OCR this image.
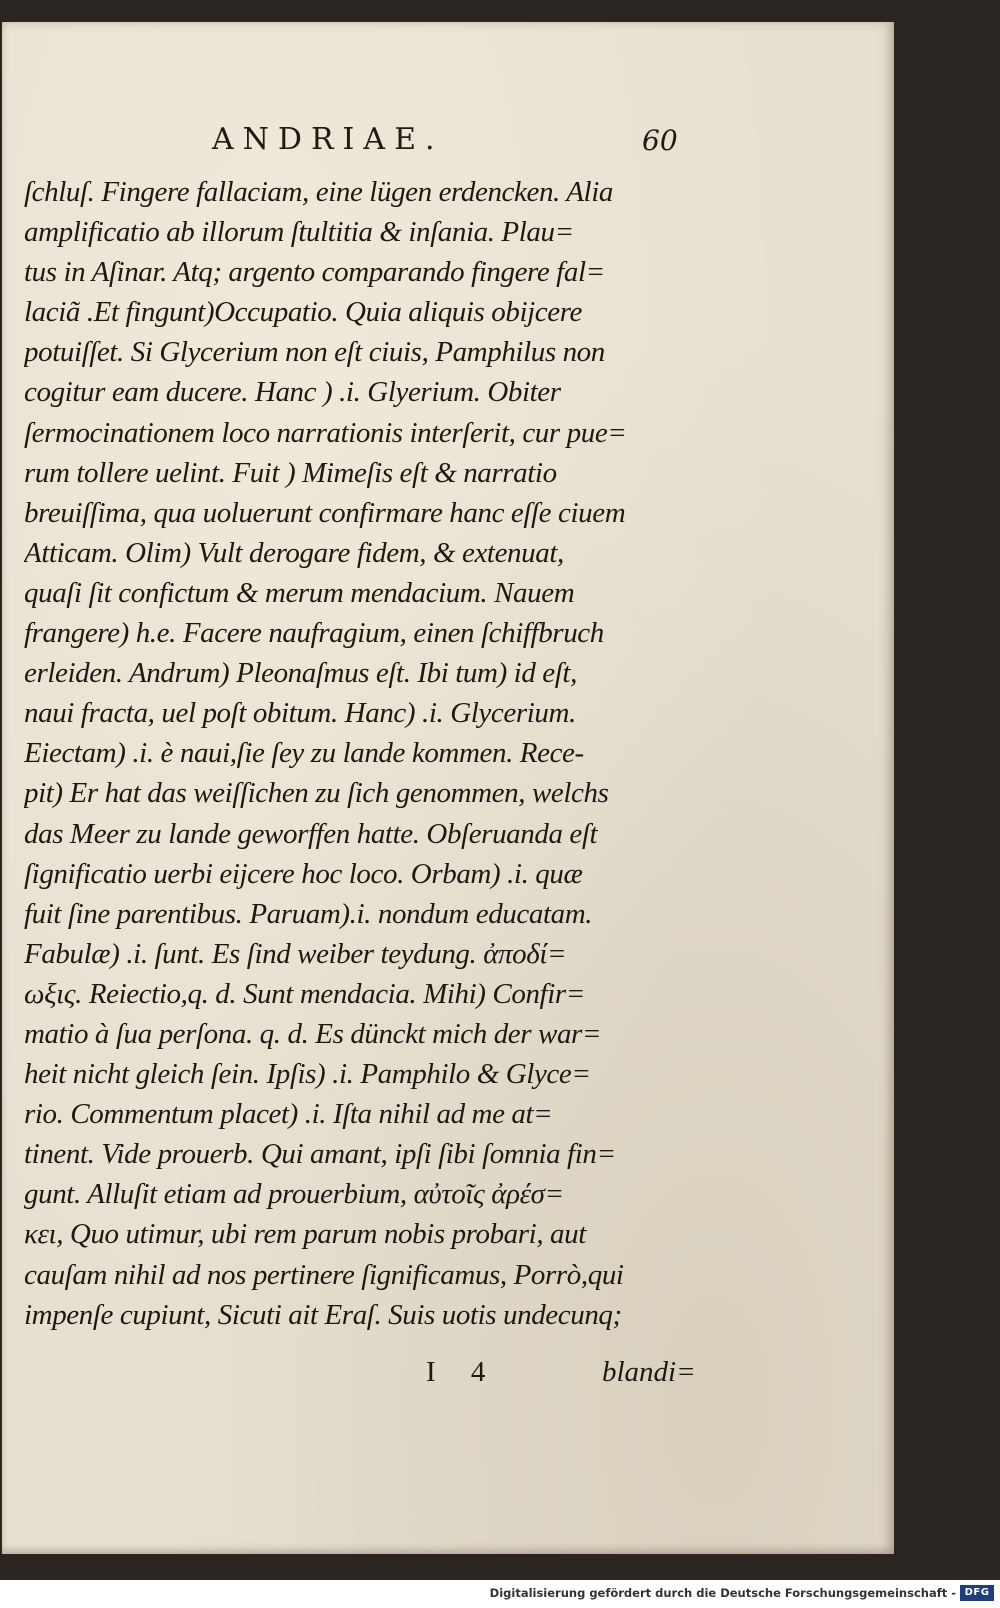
ANDRIAE.	60
ſchluſ. Fingere fallaciam, eine lügen erdencken. Alia
amplificatio ab illorum ſtultitia & inſania. Plau=
tus in Aſinar. Atq; argento comparando fingere fal=
laciã .Et fingunt)Occupatio. Quia aliquis obijcere
potuiſſet. Si Glycerium non eſt ciuis, Pamphilus non
cogitur eam ducere. Hanc ) .i. Glyerium. Obiter
ſermocinationem loco narrationis interſerit, cur pue=
rum tollere uelint. Fuit ) Mimeſis eſt & narratio
breuiſſima, qua uoluerunt confirmare hanc eſſe ciuem
Atticam. Olim) Vult derogare fidem, & extenuat,
quaſi ſit confictum & merum mendacium. Nauem
frangere) h.e. Facere naufragium, einen ſchiffbruch
erleiden. Andrum) Pleonaſmus eſt. Ibi tum) id eſt,
naui fracta, uel poſt obitum. Hanc) .i. Glycerium.
Eiectam) .i. è naui,ſie ſey zu lande kommen. Rece-
pit) Er hat das weiſſichen zu ſich genommen, welchs
das Meer zu lande geworffen hatte. Obſeruanda eſt
ſignificatio uerbi eijcere hoc loco. Orbam) .i. quæ
fuit ſine parentibus. Paruam).i. nondum educatam.
Fabulæ) .i. ſunt. Es ſind weiber teydung. ἀποδί=
ωξις. Reiectio,q. d. Sunt mendacia. Mihi) Confir=
matio à ſua perſona. q. d. Es dünckt mich der war=
heit nicht gleich ſein. Ipſis) .i. Pamphilo & Glyce=
rio. Commentum placet) .i. Iſta nihil ad me at=
tinent. Vide prouerb. Qui amant, ipſi ſibi ſomnia fin=
gunt. Alluſit etiam ad prouerbium, αὐτοῖς ἀρέσ=
κει, Quo utimur, ubi rem parum nobis probari, aut
cauſam nihil ad nos pertinere ſignificamus, Porrò,qui
impenſe cupiunt, Sicuti ait Eraſ. Suis uotis undecunq;
I 4	blandi=
Digitalisierung gefördert durch die Deutsche Forschungsgemeinschaft - DFG
